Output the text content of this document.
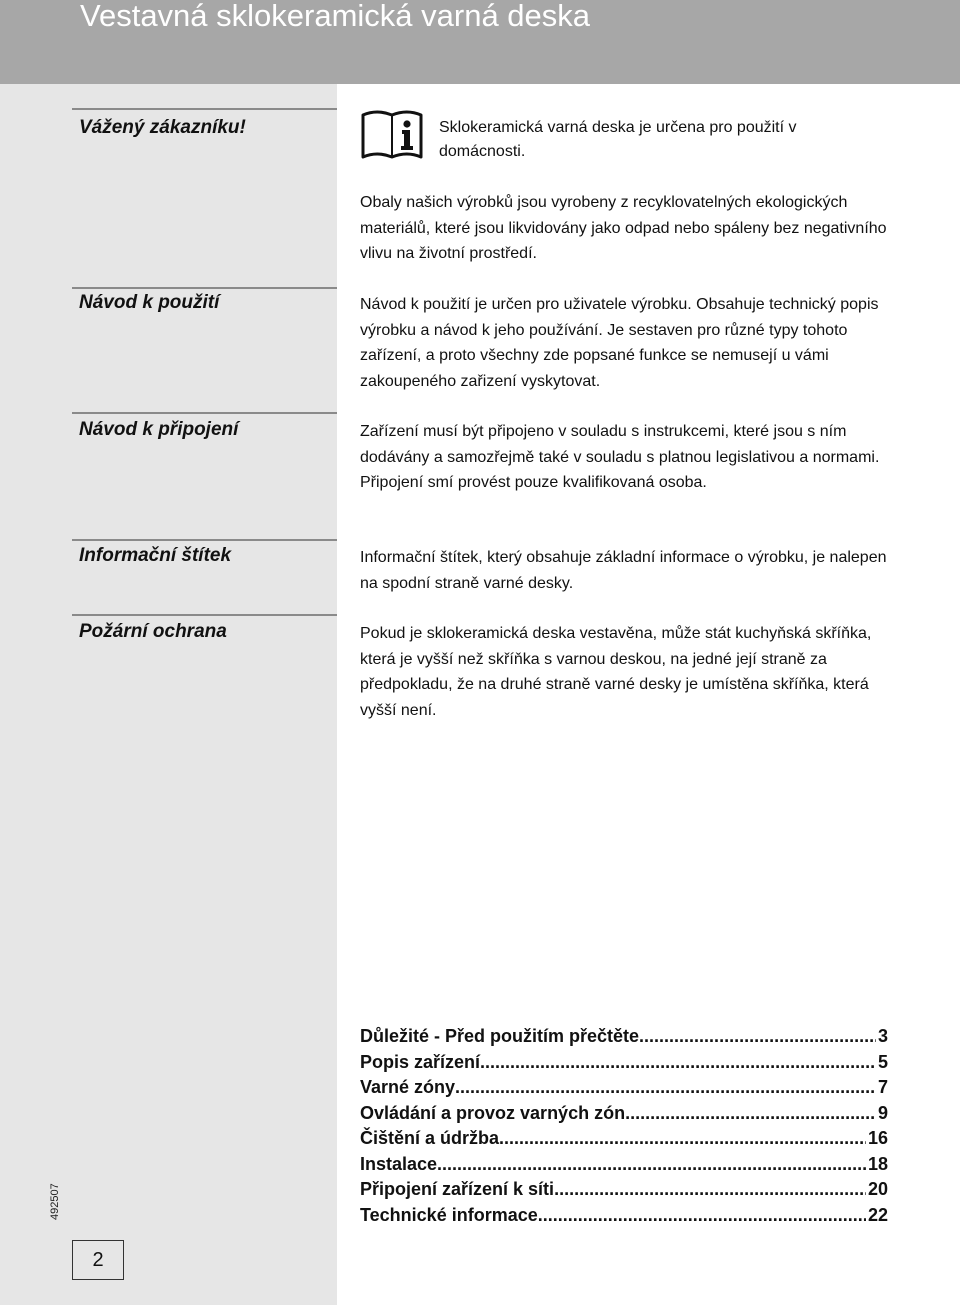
Vestavná sklokeramická varná deska
Vážený zákazníku!
Návod k použití
Návod k připojení
Informační štítek
Požární ochrana
Sklokeramická varná deska je určena pro použití v domácnosti.
Obaly našich výrobků jsou vyrobeny z recyklovatelných ekologických materiálů, které jsou likvidovány jako odpad nebo spáleny bez negativního vlivu na životní prostředí.
Návod k použití je určen pro uživatele výrobku. Obsahuje technický popis výrobku a návod k jeho používání. Je sestaven pro různé typy tohoto zařízení, a proto všechny zde popsané funkce se nemusejí u vámi zakoupeného zařizení vyskytovat.
Zařízení musí být připojeno v souladu s instrukcemi, které jsou s ním dodávány a samozřejmě také v souladu s platnou legislativou a normami. Připojení smí provést pouze kvalifikovaná osoba.
Informační štítek, který obsahuje základní informace o výrobku, je nalepen na spodní straně varné desky.
Pokud je sklokeramická deska vestavěna, může stát kuchyňská skříňka, která je vyšší než skříňka s varnou deskou, na jedné její straně za předpokladu, že na druhé straně varné desky je umístěna skříňka, která vyšší není.
Důležité - Před použitím přečtěte .....	3
Popis zařízení .....	5
Varné zóny .....	7
Ovládání a provoz varných zón .....	9
Čištění a údržba .....	16
Instalace .....	18
Připojení zařízení k síti .....	20
Technické informace .....	22
492507
2
